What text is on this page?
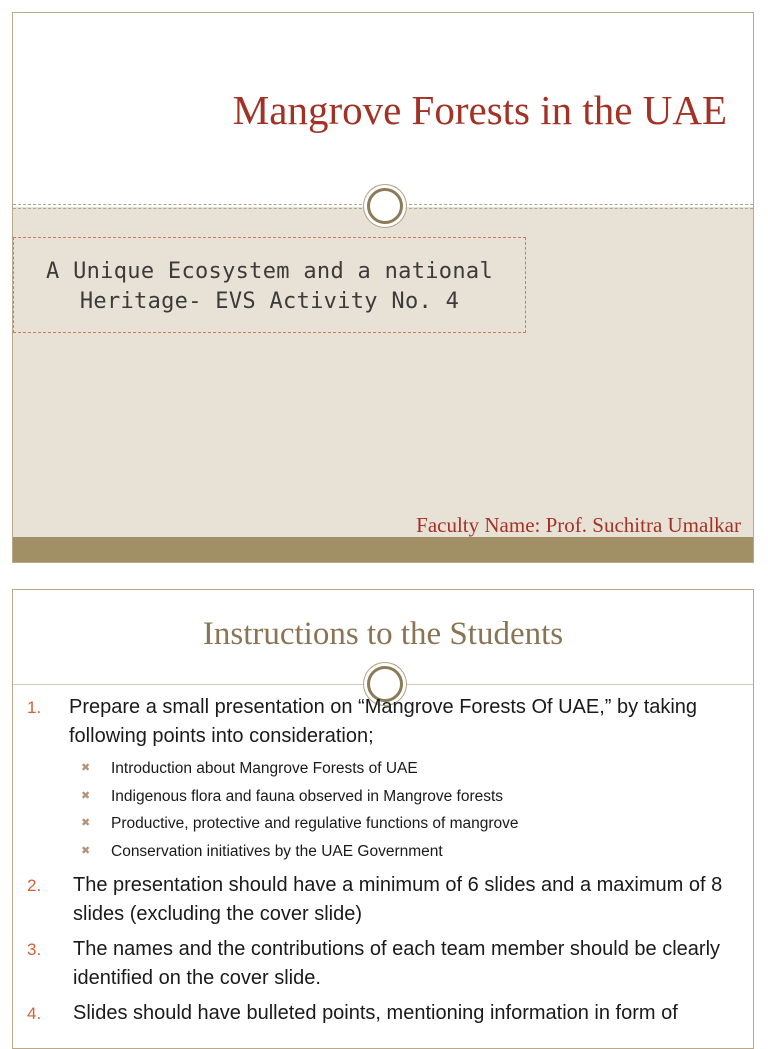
Mangrove Forests in the UAE
A Unique Ecosystem and a national
Heritage- EVS Activity No. 4
Faculty Name: Prof. Suchitra Umalkar
Instructions to the Students
1. Prepare a small presentation on “Mangrove Forests Of UAE,” by taking following points into consideration;
✖ Introduction about Mangrove Forests of UAE
✖ Indigenous flora and fauna observed in Mangrove forests
✖ Productive, protective and regulative functions of mangrove
✖ Conservation initiatives by the UAE Government
2. The presentation should have a minimum of 6 slides and a maximum of 8 slides (excluding the cover slide)
3. The names and the contributions of each team member should be clearly identified on the cover slide.
4. Slides should have bulleted points, mentioning information in form of
